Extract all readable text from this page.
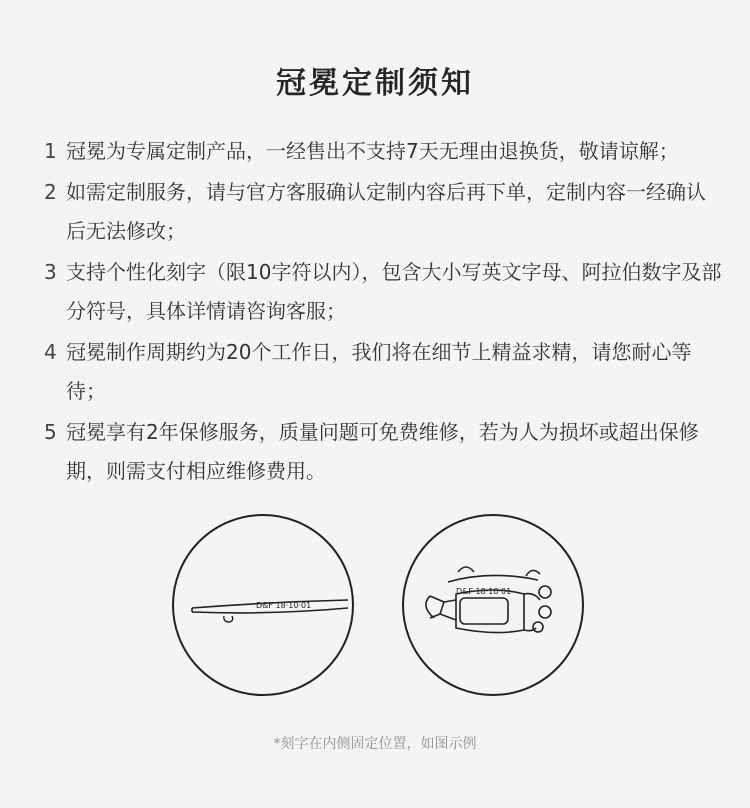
冠冕定制须知
1 冠冕为专属定制产品，一经售出不支持7天无理由退换货，敬请谅解；
2 如需定制服务，请与官方客服确认定制内容后再下单，定制内容一经确认后无法修改；
3 支持个性化刻字（限10字符以内），包含大小写英文字母、阿拉伯数字及部分符号，具体详情请咨询客服；
4 冠冕制作周期约为20个工作日，我们将在细节上精益求精，请您耐心等待；
5 冠冕享有2年保修服务，质量问题可免费维修，若为人为损坏或超出保修期，则需支付相应维修费用。
D&F 18·10·01
D&F 18·10·01
*刻字在内侧固定位置，如图示例
